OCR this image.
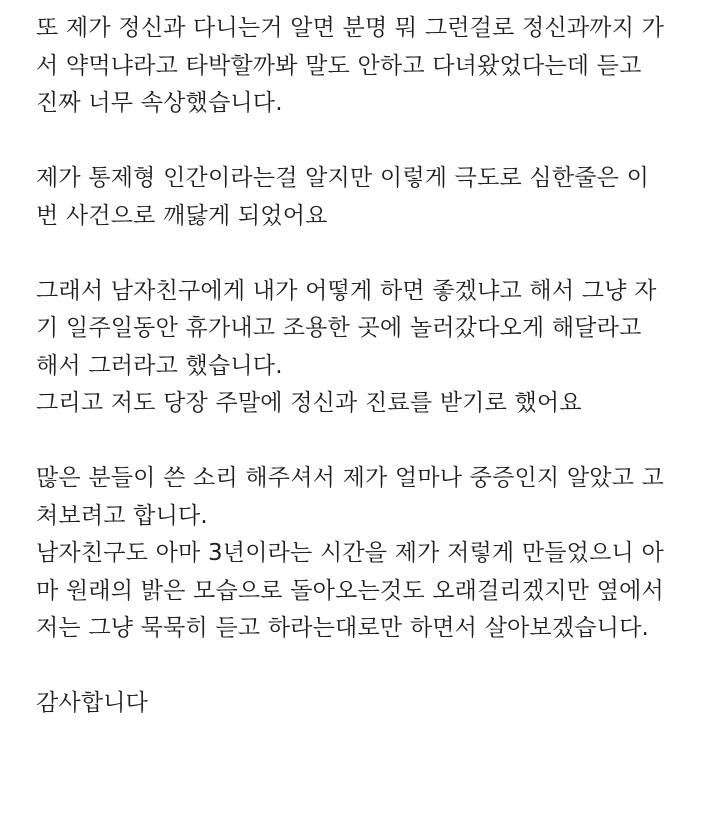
또 제가 정신과 다니는거 알면 분명 뭐 그런걸로 정신과까지 가
서 약먹냐라고 타박할까봐 말도 안하고 다녀왔었다는데 듣고
진짜 너무 속상했습니다.
제가 통제형 인간이라는걸 알지만 이렇게 극도로 심한줄은 이
번 사건으로 깨닳게 되었어요
그래서 남자친구에게 내가 어떻게 하면 좋겠냐고 해서 그냥 자
기 일주일동안 휴가내고 조용한 곳에 놀러갔다오게 해달라고
해서 그러라고 했습니다.
그리고 저도 당장 주말에 정신과 진료를 받기로 했어요
많은 분들이 쓴 소리 해주셔서 제가 얼마나 중증인지 알았고 고
쳐보려고 합니다.
남자친구도 아마 3년이라는 시간을 제가 저렇게 만들었으니 아
마 원래의 밝은 모습으로 돌아오는것도 오래걸리겠지만 옆에서
저는 그냥 묵묵히 듣고 하라는대로만 하면서 살아보겠습니다.
감사합니다
